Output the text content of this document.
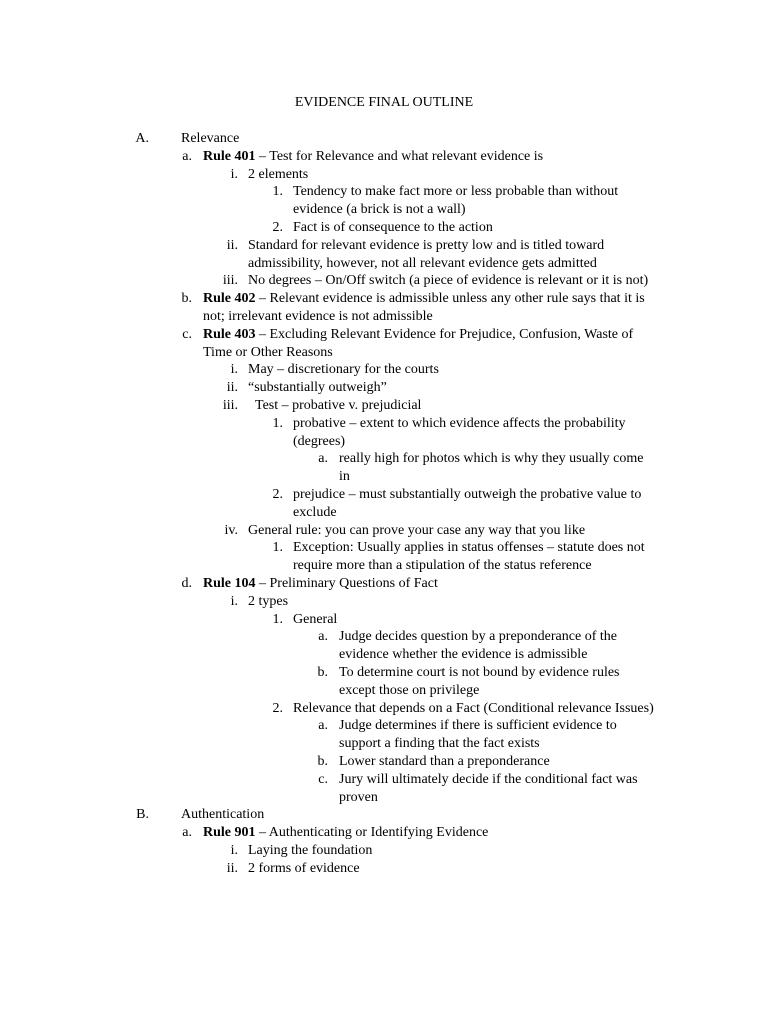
EVIDENCE FINAL OUTLINE
A. Relevance
a. Rule 401 – Test for Relevance and what relevant evidence is
i. 2 elements
1. Tendency to make fact more or less probable than without evidence (a brick is not a wall)
2. Fact is of consequence to the action
ii. Standard for relevant evidence is pretty low and is titled toward admissibility, however, not all relevant evidence gets admitted
iii. No degrees – On/Off switch (a piece of evidence is relevant or it is not)
b. Rule 402 – Relevant evidence is admissible unless any other rule says that it is not; irrelevant evidence is not admissible
c. Rule 403 – Excluding Relevant Evidence for Prejudice, Confusion, Waste of Time or Other Reasons
i. May – discretionary for the courts
ii. “substantially outweigh”
iii. Test – probative v. prejudicial
1. probative – extent to which evidence affects the probability (degrees)
a. really high for photos which is why they usually come in
2. prejudice – must substantially outweigh the probative value to exclude
iv. General rule: you can prove your case any way that you like
1. Exception: Usually applies in status offenses – statute does not require more than a stipulation of the status reference
d. Rule 104 – Preliminary Questions of Fact
i. 2 types
1. General
a. Judge decides question by a preponderance of the evidence whether the evidence is admissible
b. To determine court is not bound by evidence rules except those on privilege
2. Relevance that depends on a Fact (Conditional relevance Issues)
a. Judge determines if there is sufficient evidence to support a finding that the fact exists
b. Lower standard than a preponderance
c. Jury will ultimately decide if the conditional fact was proven
B. Authentication
a. Rule 901 – Authenticating or Identifying Evidence
i. Laying the foundation
ii. 2 forms of evidence
